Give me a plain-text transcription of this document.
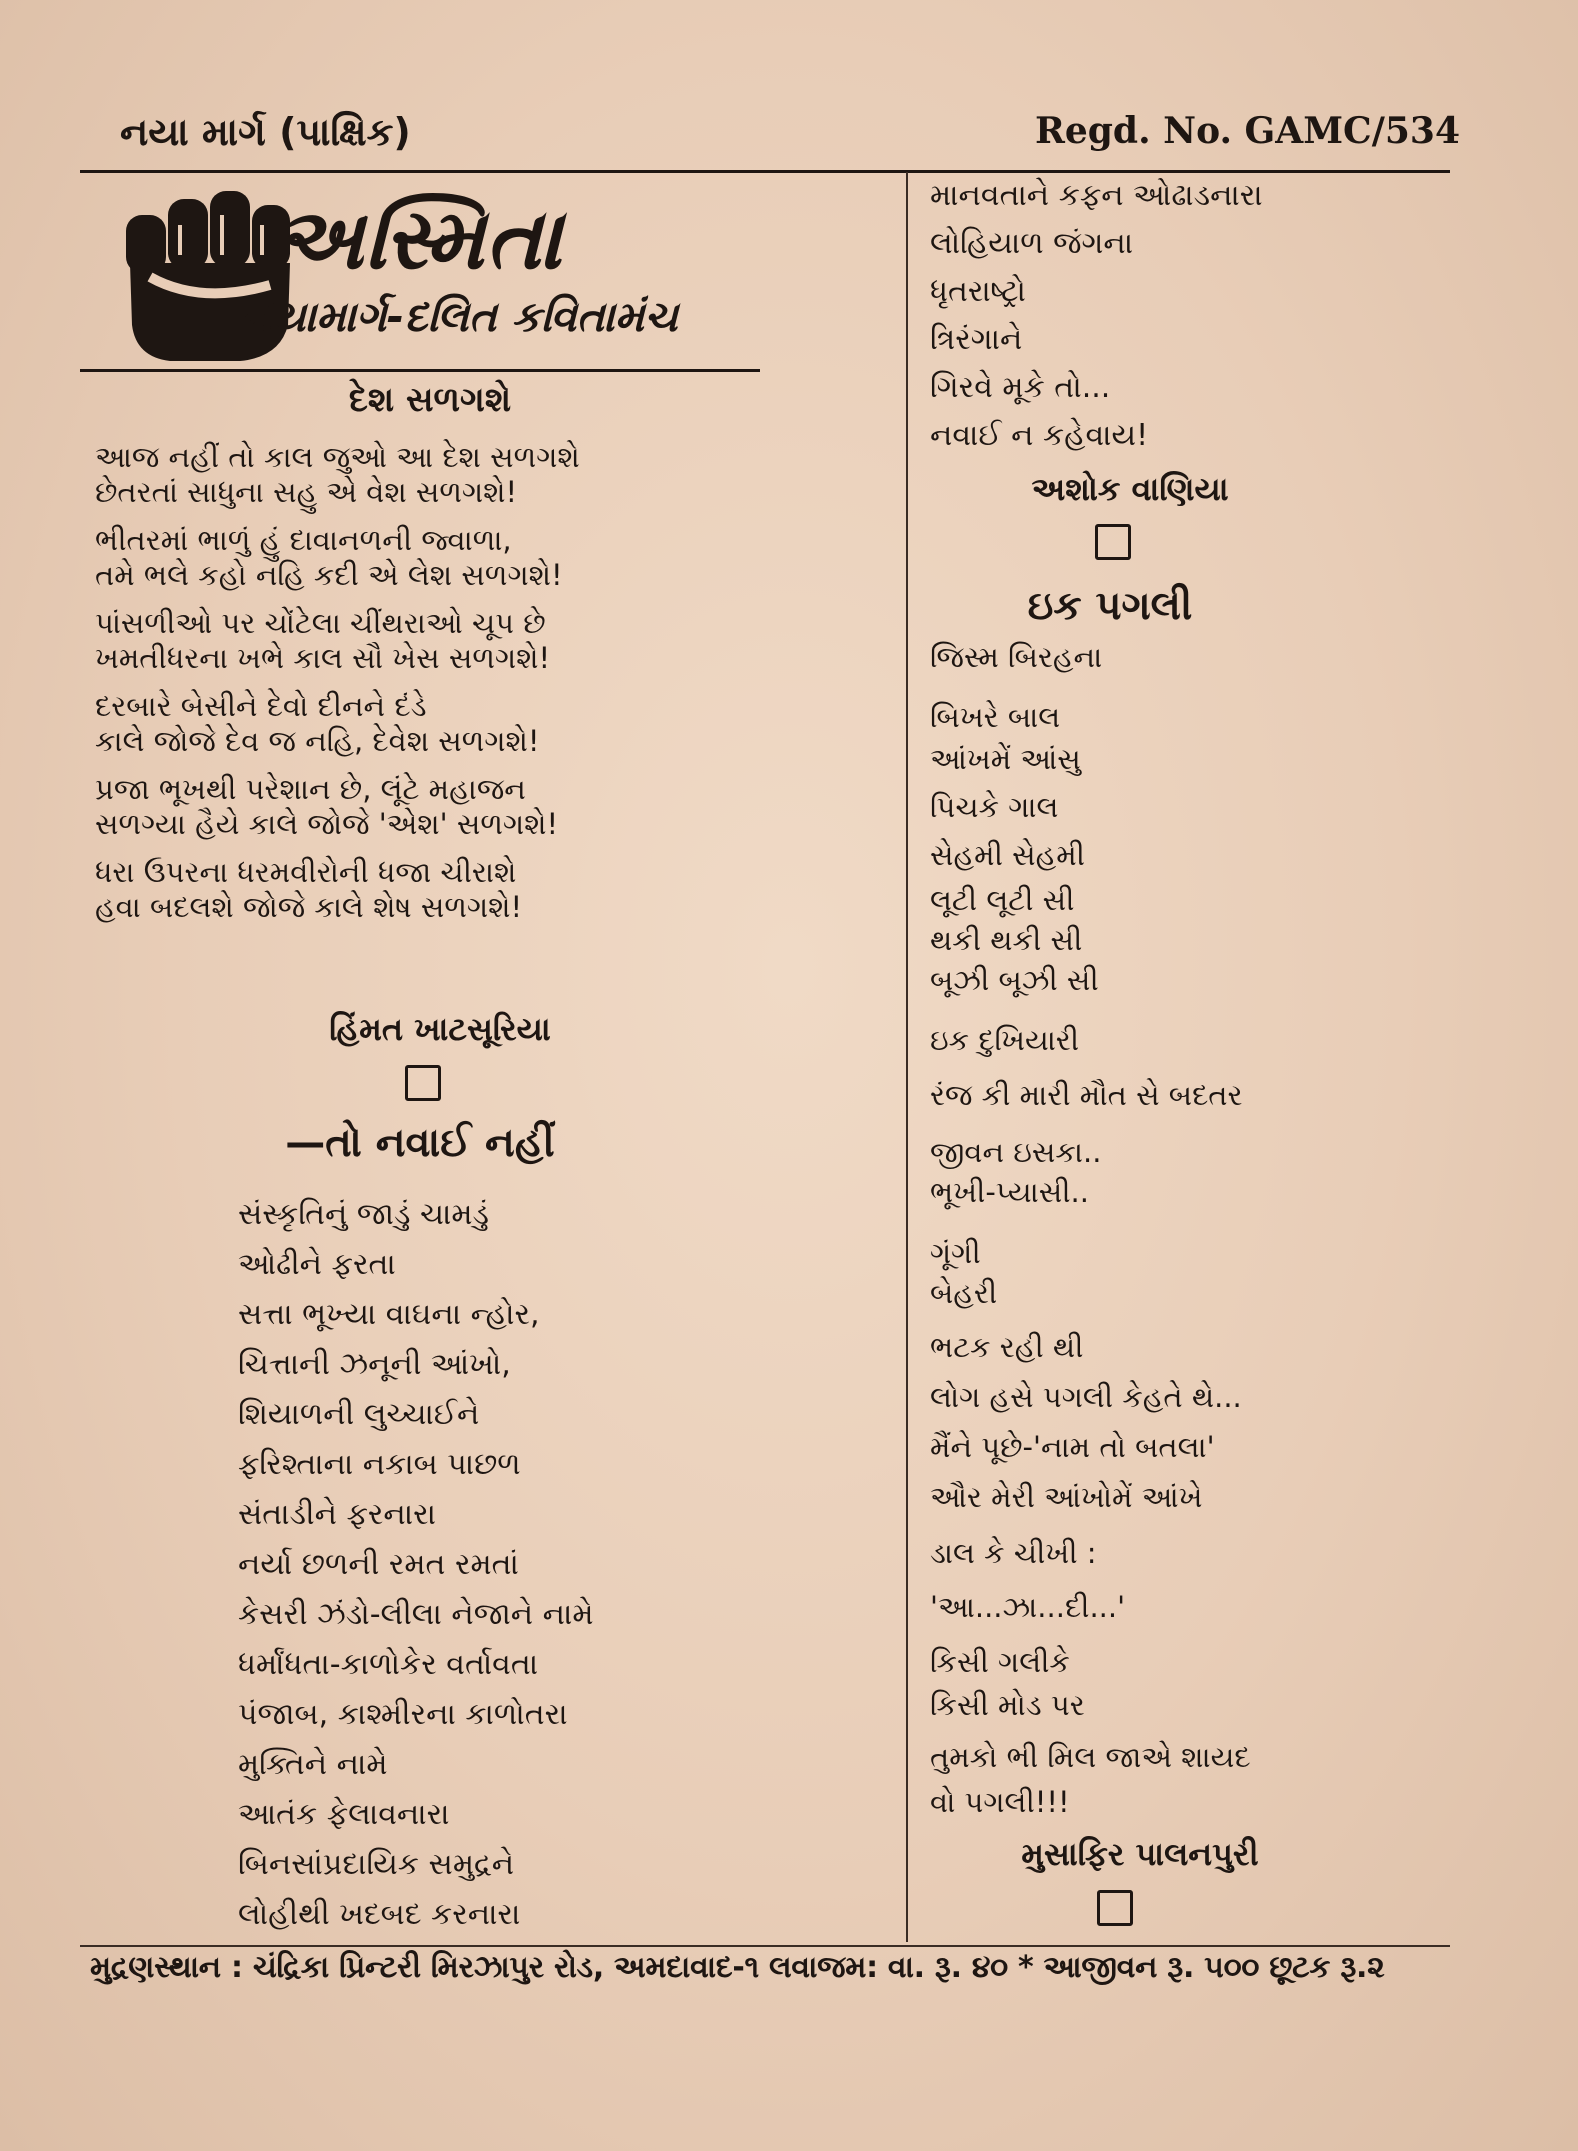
નયા માર્ગ (પાક્ષિક)	Regd. No. GAMC/534
અસ્મિતા
નયામાર્ગ-દલિત કવિતામંચ
દેશ સળગશે
આજ નહીં તો કાલ જુઓ આ દેશ સળગશે
છેતરતાં સાધુના સહુ એ વેશ સળગશે!
ભીતરમાં ભાળું હું દાવાનળની જ્વાળા,
તમે ભલે કહો નહિ કદી એ લેશ સળગશે!
પાંસળીઓ પર ચોંટેલા ચીંથરાઓ ચૂપ છે
ખમતીધરના ખભે કાલ સૌ ખેસ સળગશે!
દરબારે બેસીને દેવો દીનને દંડે
કાલે જોજે દેવ જ નહિ, દેવેશ સળગશે!
પ્રજા ભૂખથી પરેશાન છે, લૂંટે મહાજન
સળગ્યા હૈયે કાલે જોજે 'એશ' સળગશે!
ધરા ઉપરના ધરમવીરોની ધજા ચીરાશે
હવા બદલશે જોજે કાલે શેષ સળગશે!
હિંમત ખાટસૂરિયા
—તો નવાઈ નહીં
સંસ્કૃતિનું જાડું ચામડું
ઓઢીને ફરતા
સત્તા ભૂખ્યા વાઘના ન્હોર,
ચિત્તાની ઝનૂની આંખો,
શિયાળની લુચ્ચાઈને
ફરિશ્તાના નકાબ પાછળ
સંતાડીને ફરનારા
નર્યા છળની રમત રમતાં
કેસરી ઝંડો-લીલા નેજાને નામે
ધર્માંધતા-કાળોકેર વર્તાવતા
પંજાબ, કાશ્મીરના કાળોતરા
મુક્તિને નામે
આતંક ફેલાવનારા
બિનસાંપ્રદાયિક સમુદ્રને
લોહીથી ખદબદ કરનારા
માનવતાને કફન ઓઢાડનારા
લોહિયાળ જંગના
ધૃતરાષ્ટ્રો
ત્રિરંગાને
ગિરવે મૂકે તો...
નવાઈ ન કહેવાય!
અશોક વાણિયા
ઇક પગલી
જિસ્મ બિરહના
બિખરે બાલ
આંખમેં આંસુ
પિચકે ગાલ
સેહમી સેહમી
લૂટી લૂટી સી
થકી થકી સી
બૂઝી બૂઝી સી
ઇક દુખિયારી
રંજ કી મારી મૌત સે બદતર
જીવન ઇસકા..
ભૂખી-પ્યાસી..
ગૂંગી
બેહરી
ભટક રહી થી
લોગ હસે પગલી કેહતે થે...
મૈંને પૂછે-'નામ તો બતલા'
ઔર મેરી આંખોમેં આંખે
ડાલ કે ચીખી :
'આ...ઝા...દી...'
કિસી ગલીકે
કિસી મોડ પર
તુમકો ભી મિલ જાએ શાયદ
વો પગલી!!!
મુસાફિર પાલનપુરી
મુદ્રણસ્થાન : ચંદ્રિકા પ્રિન્ટરી મિરઝાપુર રોડ, અમદાવાદ-૧ લવાજમ: વા. રૂ. ૪૦ * આજીવન રૂ. ૫૦૦ છૂટક રૂ.૨
